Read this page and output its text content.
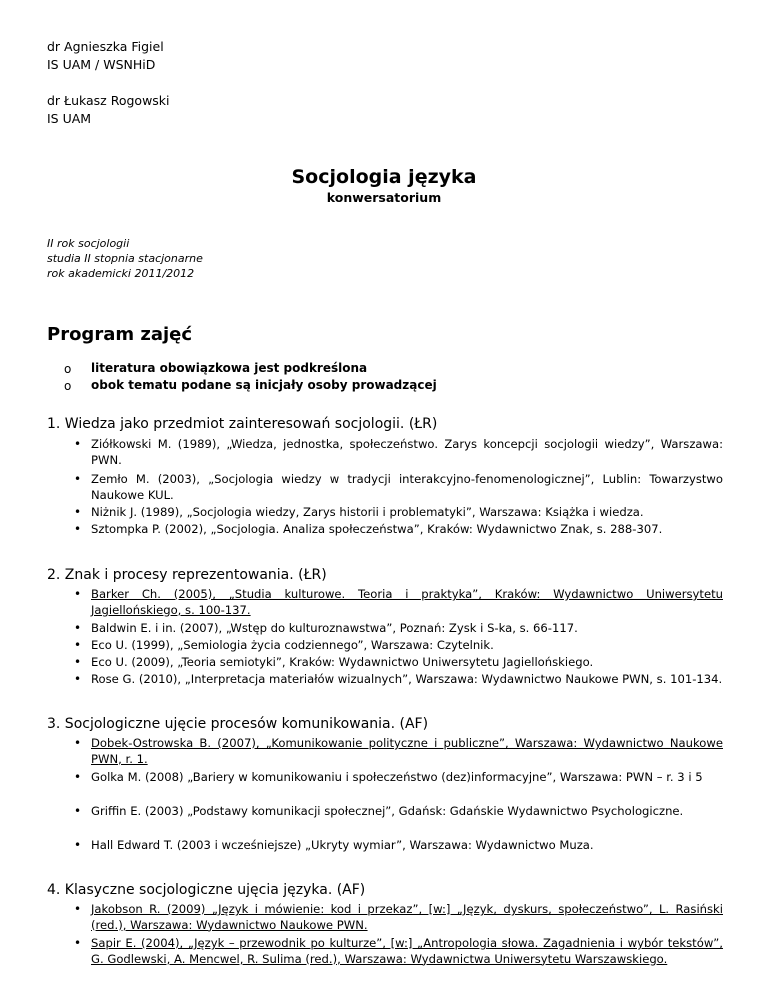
dr Agnieszka Figiel
IS UAM / WSNHiD
dr Łukasz Rogowski
IS UAM
Socjologia języka
konwersatorium
II rok socjologii
studia II stopnia stacjonarne
rok akademicki 2011/2012
Program zajęć
o literatura obowiązkowa jest podkreślona
o obok tematu podane są inicjały osoby prowadzącej
1. Wiedza jako przedmiot zainteresowań socjologii. (ŁR)
• Ziółkowski M. (1989), „Wiedza, jednostka, społeczeństwo. Zarys koncepcji socjologii wiedzy”, Warszawa: PWN.
• Zemło M. (2003), „Socjologia wiedzy w tradycji interakcyjno-fenomenologicznej”, Lublin: Towarzystwo Naukowe KUL.
• Niżnik J. (1989), „Socjologia wiedzy, Zarys historii i problematyki”, Warszawa: Książka i wiedza.
• Sztompka P. (2002), „Socjologia. Analiza społeczeństwa”, Kraków: Wydawnictwo Znak, s. 288-307.
2. Znak i procesy reprezentowania. (ŁR)
• Barker Ch. (2005), „Studia kulturowe. Teoria i praktyka”, Kraków: Wydawnictwo Uniwersytetu Jagiellońskiego, s. 100-137.
• Baldwin E. i in. (2007), „Wstęp do kulturoznawstwa”, Poznań: Zysk i S-ka, s. 66-117.
• Eco U. (1999), „Semiologia życia codziennego”, Warszawa: Czytelnik.
• Eco U. (2009), „Teoria semiotyki”, Kraków: Wydawnictwo Uniwersytetu Jagiellońskiego.
• Rose G. (2010), „Interpretacja materiałów wizualnych”, Warszawa: Wydawnictwo Naukowe PWN, s. 101-134.
3. Socjologiczne ujęcie procesów komunikowania. (AF)
• Dobek-Ostrowska B. (2007), „Komunikowanie polityczne i publiczne”, Warszawa: Wydawnictwo Naukowe PWN, r. 1.
• Golka M. (2008) „Bariery w komunikowaniu i społeczeństwo (dez)informacyjne”, Warszawa: PWN – r. 3 i 5
• Griffin E. (2003) „Podstawy komunikacji społecznej”, Gdańsk: Gdańskie Wydawnictwo Psychologiczne.
• Hall Edward T. (2003 i wcześniejsze) „Ukryty wymiar”, Warszawa: Wydawnictwo Muza.
4. Klasyczne socjologiczne ujęcia języka. (AF)
• Jakobson R. (2009) „Język i mówienie: kod i przekaz”, [w:] „Język, dyskurs, społeczeństwo”, L. Rasiński (red.), Warszawa: Wydawnictwo Naukowe PWN.
• Sapir E. (2004), „Język – przewodnik po kulturze”, [w:] „Antropologia słowa. Zagadnienia i wybór tekstów”, G. Godlewski, A. Mencwel, R. Sulima (red.), Warszawa: Wydawnictwa Uniwersytetu Warszawskiego.
